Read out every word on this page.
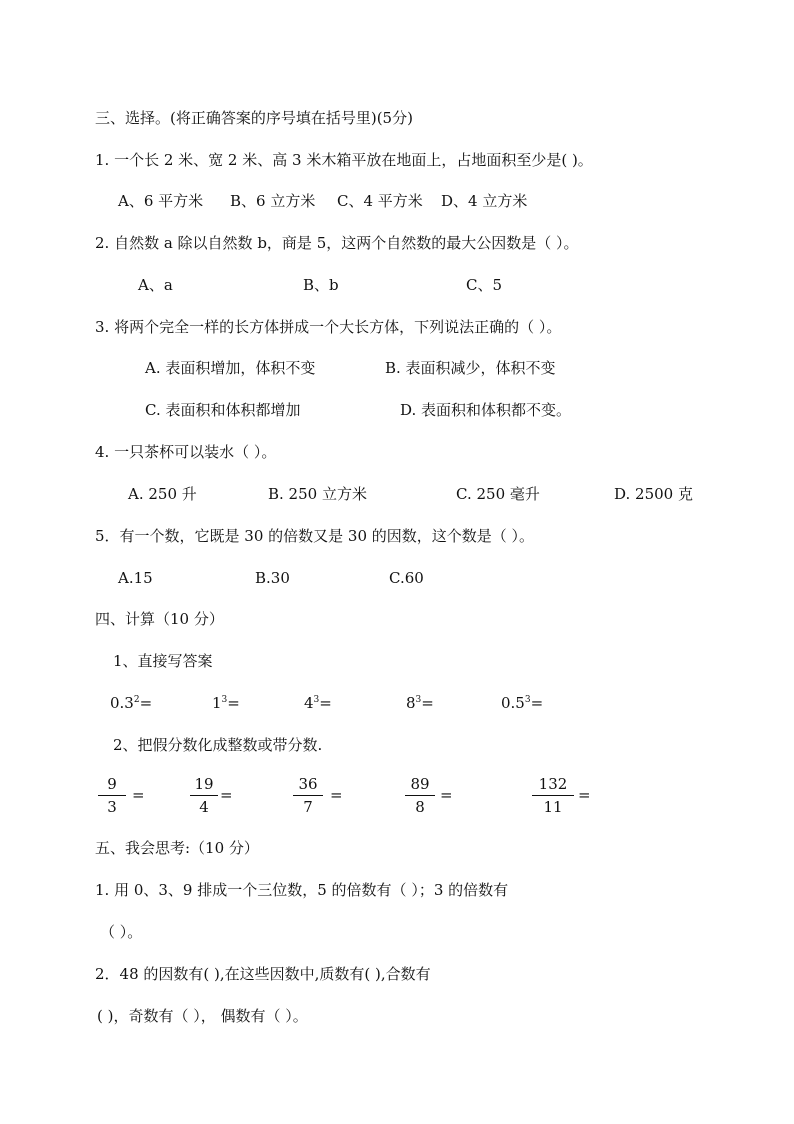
三、选择。(将正确答案的序号填在括号里)(5分)
1. 一个长 2 米、宽 2 米、高 3 米木箱平放在地面上，占地面积至少是( )。
A、6 平方米 B、6 立方米 C、4 平方米 D、4 立方米
2. 自然数 a 除以自然数 b，商是 5，这两个自然数的最大公因数是（ ）。
A、a	B、b	C、5
3. 将两个完全一样的长方体拼成一个大长方体，下列说法正确的（ ）。
A. 表面积增加，体积不变	B. 表面积减少，体积不变
C. 表面积和体积都增加	D. 表面积和体积都不变。
4. 一只茶杯可以装水（ ）。
A. 250 升	B. 250 立方米	C. 250 毫升	D. 2500 克
5．有一个数，它既是 30 的倍数又是 30 的因数，这个数是（ ）。
A.15	B.30	C.60
四、计算（10 分）
1、直接写答案
$0.3^2=$	$1^3=$	$4^3=$	$8^3=$	$0.5^3=$
2、把假分数化成整数或带分数.
$\frac{9}{3}$ =	$\frac{19}{4}$ =	$\frac{36}{7}$ =	$\frac{89}{8}$ =	$\frac{132}{11}$ =
五、我会思考:（10 分）
1. 用 0、3、9 排成一个三位数，5 的倍数有（ ）；3 的倍数有
（ ）。
2．48 的因数有( ),在这些因数中,质数有( ),合数有
( )，奇数有（ ）， 偶数有（ ）。
